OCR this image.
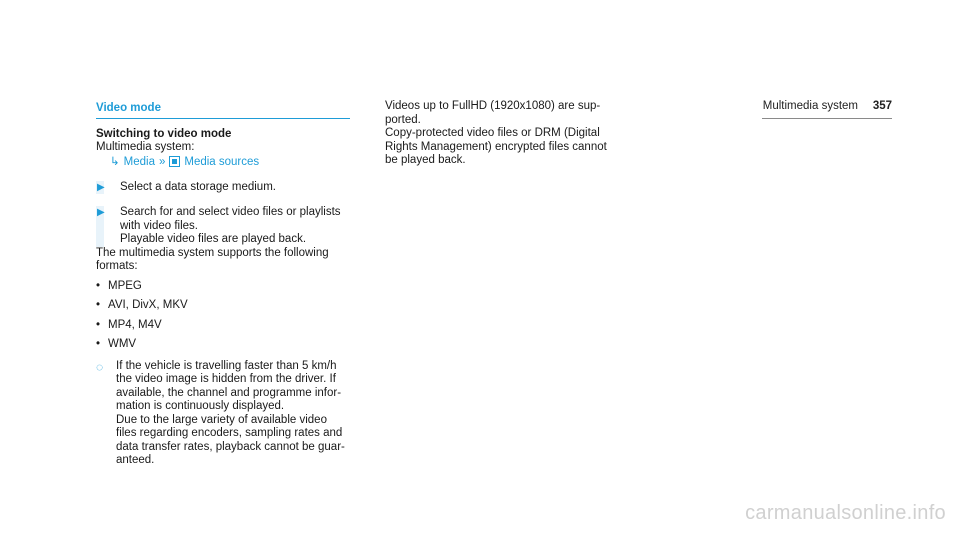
Multimedia system 357
Video mode
Switching to video mode

Multimedia system:

↳ Media » Media sources
▶ Select a data storage medium.

▶ Search for and select video files or playlists

with video files.

Playable video files are played back.

The multimedia system supports the following

formats:

• MPEG
• AVI, DivX, MKV
• MP4, M4V
• WMV
◌ If the vehicle is travelling faster than 5 km/h

the video image is hidden from the driver. If

available, the channel and programme infor-

mation is continuously displayed.

Due to the large variety of available video

files regarding encoders, sampling rates and

data transfer rates, playback cannot be guar-

anteed.

Videos up to FullHD (1920x1080) are sup-

ported.

Copy-protected video files or DRM (Digital

Rights Management) encrypted files cannot

be played back.

carmanualsonline.info
